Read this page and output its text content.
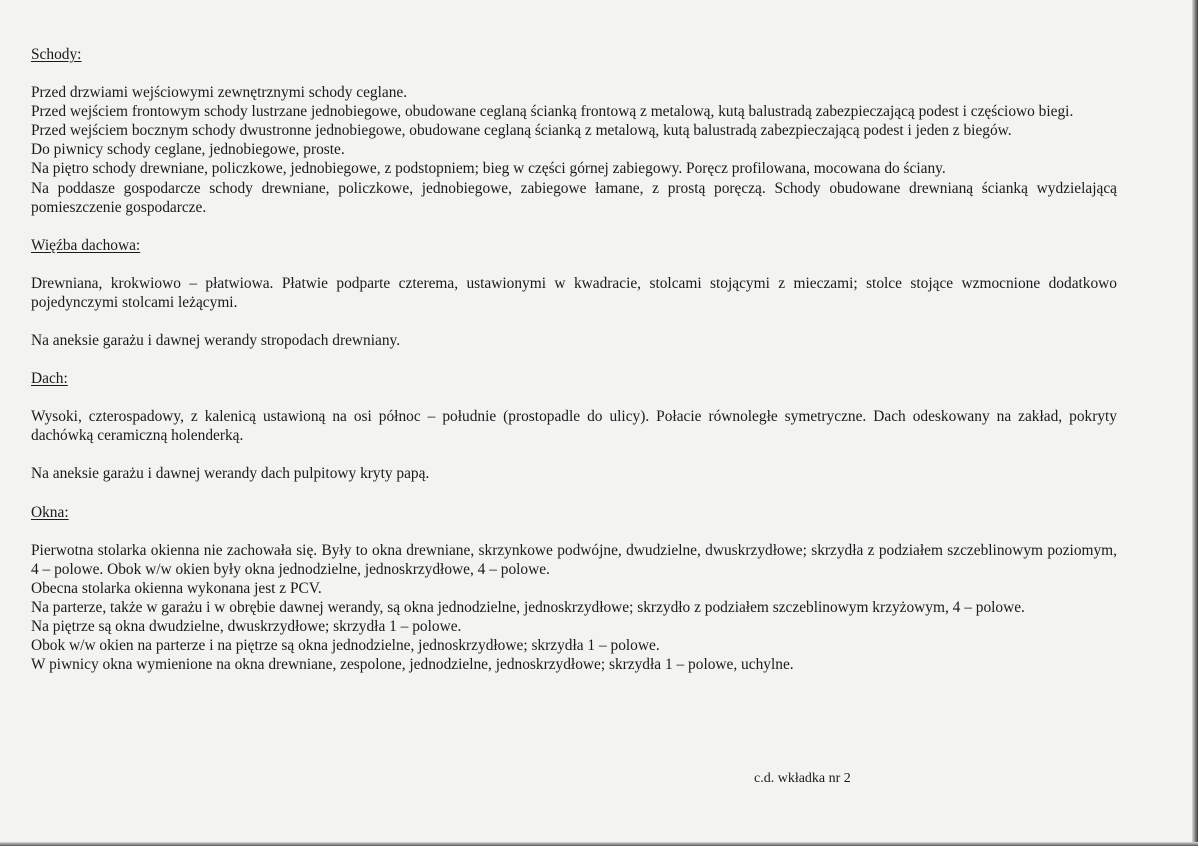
Schody:

Przed drzwiami wejściowymi zewnętrznymi schody ceglane.

Przed wejściem frontowym schody lustrzane jednobiegowe, obudowane ceglaną ścianką frontową z metalową, kutą balustradą zabezpieczającą podest i częściowo biegi.

Przed wejściem bocznym schody dwustronne jednobiegowe, obudowane ceglaną ścianką z metalową, kutą balustradą zabezpieczającą podest i jeden z biegów.

Do piwnicy schody ceglane, jednobiegowe, proste.

Na piętro schody drewniane, policzkowe, jednobiegowe, z podstopniem; bieg w części górnej zabiegowy. Poręcz profilowana, mocowana do ściany.

Na poddasze gospodarcze schody drewniane, policzkowe, jednobiegowe, zabiegowe łamane, z prostą poręczą. Schody obudowane drewnianą ścianką wydzielającą pomieszczenie gospodarcze.

Więźba dachowa:

Drewniana, krokwiowo – płatwiowa. Płatwie podparte czterema, ustawionymi w kwadracie, stolcami stojącymi z mieczami; stolce stojące wzmocnione dodatkowo pojedynczymi stolcami leżącymi.

Na aneksie garażu i dawnej werandy stropodach drewniany.

Dach:

Wysoki, czterospadowy, z kalenicą ustawioną na osi północ – południe (prostopadle do ulicy). Połacie równoległe symetryczne. Dach odeskowany na zakład, pokryty dachówką ceramiczną holenderką.

Na aneksie garażu i dawnej werandy dach pulpitowy kryty papą.

Okna:

Pierwotna stolarka okienna nie zachowała się. Były to okna drewniane, skrzynkowe podwójne, dwudzielne, dwuskrzydłowe; skrzydła z podziałem szczeblinowym poziomym, 4 – polowe. Obok w/w okien były okna jednodzielne, jednoskrzydłowe, 4 – polowe.

Obecna stolarka okienna wykonana jest z PCV.

Na parterze, także w garażu i w obrębie dawnej werandy, są okna jednodzielne, jednoskrzydłowe; skrzydło z podziałem szczeblinowym krzyżowym, 4 – polowe.

Na piętrze są okna dwudzielne, dwuskrzydłowe; skrzydła 1 – polowe.

Obok w/w okien na parterze i na piętrze są okna jednodzielne, jednoskrzydłowe; skrzydła 1 – polowe.

W piwnicy okna wymienione na okna drewniane, zespolone, jednodzielne, jednoskrzydłowe; skrzydła 1 – polowe, uchylne.

c.d. wkładka nr 2
